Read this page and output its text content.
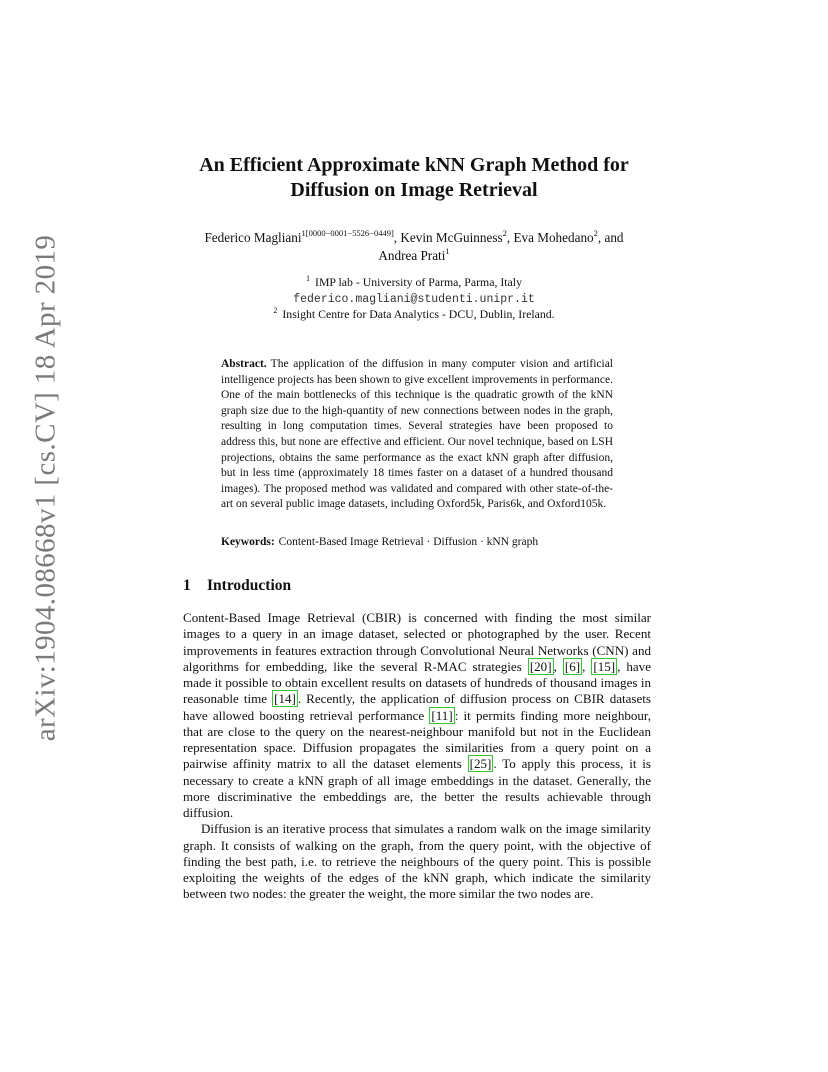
arXiv:1904.08668v1 [cs.CV] 18 Apr 2019
An Efficient Approximate kNN Graph Method for
Diffusion on Image Retrieval
Federico Magliani$^{1[0000-0001-5526-0449]}$, Kevin McGuinness$^2$, Eva Mohedano$^2$, and
Andrea Prati$^1$
$^1$ IMP lab - University of Parma, Parma, Italy
federico.magliani@studenti.unipr.it
$^2$ Insight Centre for Data Analytics - DCU, Dublin, Ireland.
Abstract. The application of the diffusion in many computer vision and artificial intelligence projects has been shown to give excellent improvements in performance. One of the main bottlenecks of this technique is the quadratic growth of the kNN graph size due to the high-quantity of new connections between nodes in the graph, resulting in long computation times. Several strategies have been proposed to address this, but none are effective and efficient. Our novel technique, based on LSH projections, obtains the same performance as the exact kNN graph after diffusion, but in less time (approximately 18 times faster on a dataset of a hundred thousand images). The proposed method was validated and compared with other state-of-the-art on several public image datasets, including Oxford5k, Paris6k, and Oxford105k.
Keywords: Content-Based Image Retrieval · Diffusion · kNN graph
1 Introduction

Content-Based Image Retrieval (CBIR) is concerned with finding the most similar images to a query in an image dataset, selected or photographed by the user. Recent improvements in features extraction through Convolutional Neural Networks (CNN) and algorithms for embedding, like the several R-MAC strategies [20] , [6] , [15] , have made it possible to obtain excellent results on datasets of hundreds of thousand images in reasonable time [14] . Recently, the application of diffusion process on CBIR datasets have allowed boosting retrieval performance [11] : it permits finding more neighbour, that are close to the query on the nearest-neighbour manifold but not in the Euclidean representation space. Diffusion propagates the similarities from a query point on a pairwise affinity matrix to all the dataset elements [25] . To apply this process, it is necessary to create a kNN graph of all image embeddings in the dataset. Generally, the more discriminative the embeddings are, the better the results achievable through diffusion.

Diffusion is an iterative process that simulates a random walk on the image similarity graph. It consists of walking on the graph, from the query point, with the objective of finding the best path, i.e. to retrieve the neighbours of the query point. This is possible exploiting the weights of the edges of the kNN graph, which indicate the similarity between two nodes: the greater the weight, the more similar the two nodes are.
